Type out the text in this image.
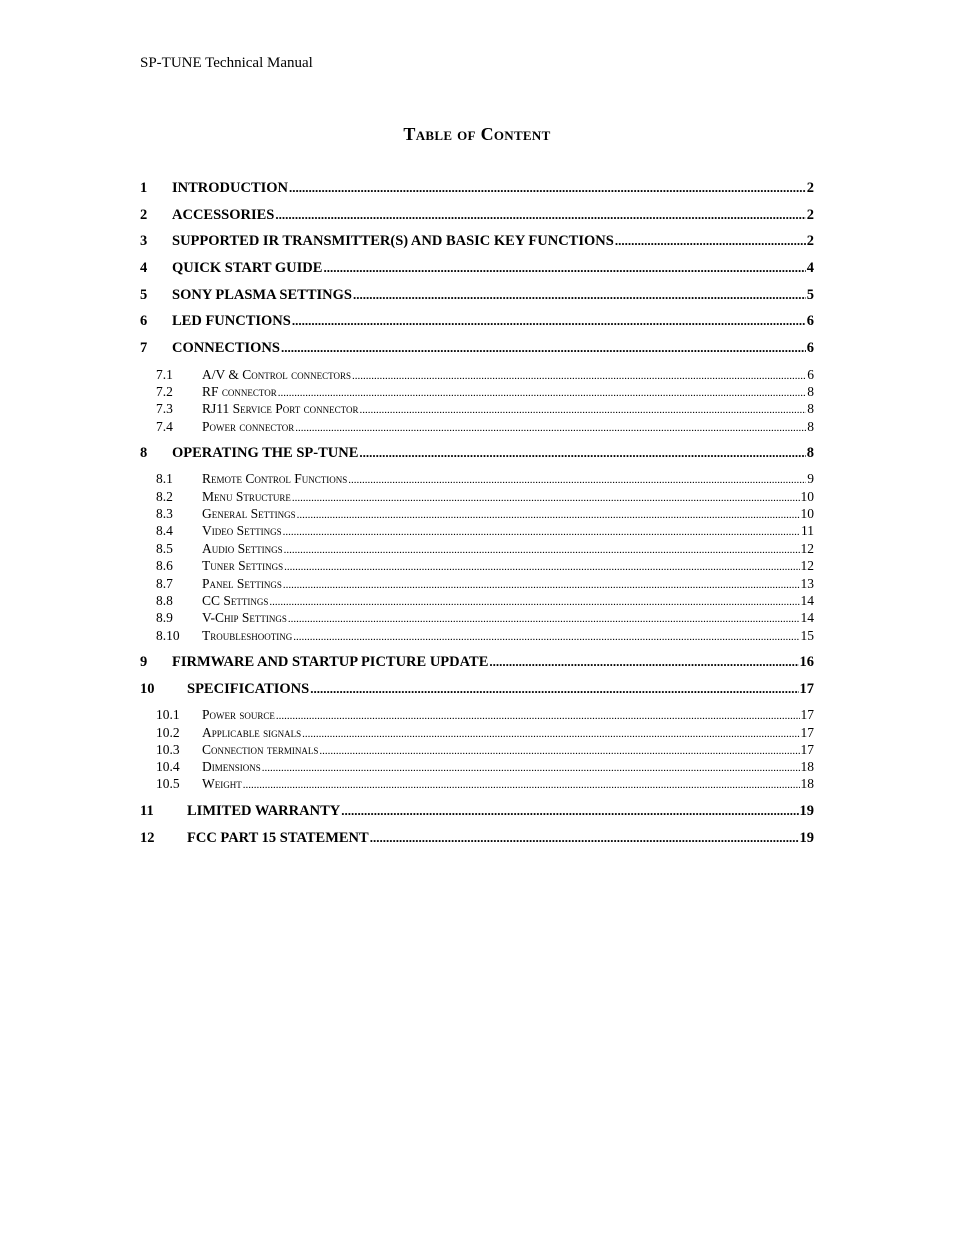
SP-TUNE Technical Manual
Table of Content
1	INTRODUCTION .....	2
2	ACCESSORIES .....	2
3	SUPPORTED IR TRANSMITTER(S) AND BASIC KEY FUNCTIONS .....	2
4	QUICK START GUIDE .....	4
5	SONY PLASMA SETTINGS .....	5
6	LED FUNCTIONS .....	6
7	CONNECTIONS .....	6
7.1	A/V & Control connectors .....	6
7.2	RF connector .....	8
7.3	RJ11 Service Port connector .....	8
7.4	Power connector .....	8
8	OPERATING THE SP-TUNE .....	8
8.1	Remote Control Functions .....	9
8.2	Menu Structure .....	10
8.3	General Settings .....	10
8.4	Video Settings .....	11
8.5	Audio Settings .....	12
8.6	Tuner Settings .....	12
8.7	Panel Settings .....	13
8.8	CC Settings .....	14
8.9	V-Chip Settings .....	14
8.10	Troubleshooting .....	15
9	FIRMWARE AND STARTUP PICTURE UPDATE .....	16
10	SPECIFICATIONS .....	17
10.1	Power source .....	17
10.2	Applicable signals .....	17
10.3	Connection terminals .....	17
10.4	Dimensions .....	18
10.5	Weight .....	18
11	LIMITED WARRANTY .....	19
12	FCC PART 15 STATEMENT .....	19
